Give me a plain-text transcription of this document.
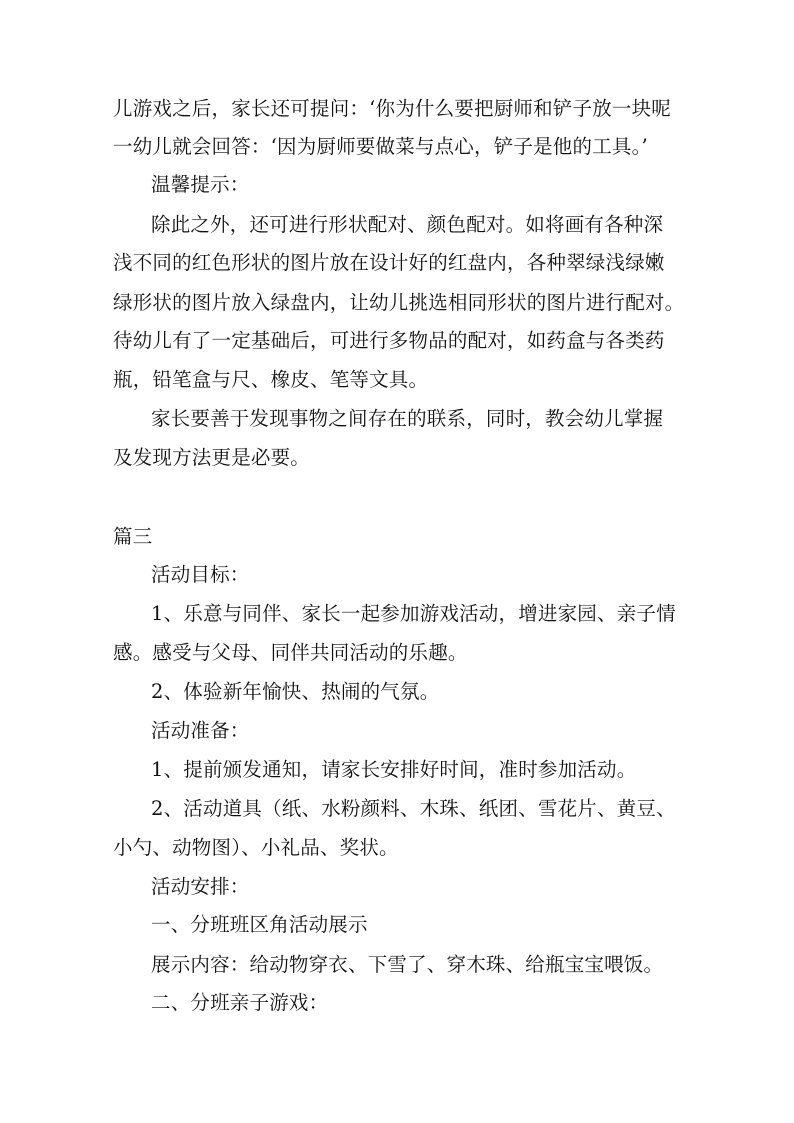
儿游戏之后，家长还可提问：‘你为什么要把厨师和铲子放一块呢
一幼儿就会回答：‘因为厨师要做菜与点心，铲子是他的工具。’
温馨提示：
除此之外，还可进行形状配对、颜色配对。如将画有各种深
浅不同的红色形状的图片放在设计好的红盘内，各种翠绿浅绿嫩
绿形状的图片放入绿盘内，让幼儿挑选相同形状的图片进行配对。
待幼儿有了一定基础后，可进行多物品的配对，如药盒与各类药
瓶，铅笔盒与尺、橡皮、笔等文具。
家长要善于发现事物之间存在的联系，同时，教会幼儿掌握
及发现方法更是必要。
篇三
活动目标：
1、乐意与同伴、家长一起参加游戏活动，增进家园、亲子情
感。感受与父母、同伴共同活动的乐趣。
2、体验新年愉快、热闹的气氛。
活动准备：
1、提前颁发通知，请家长安排好时间，准时参加活动。
2、活动道具（纸、水粉颜料、木珠、纸团、雪花片、黄豆、
小勺、动物图）、小礼品、奖状。
活动安排：
一、分班班区角活动展示
展示内容：给动物穿衣、下雪了、穿木珠、给瓶宝宝喂饭。
二、分班亲子游戏：
